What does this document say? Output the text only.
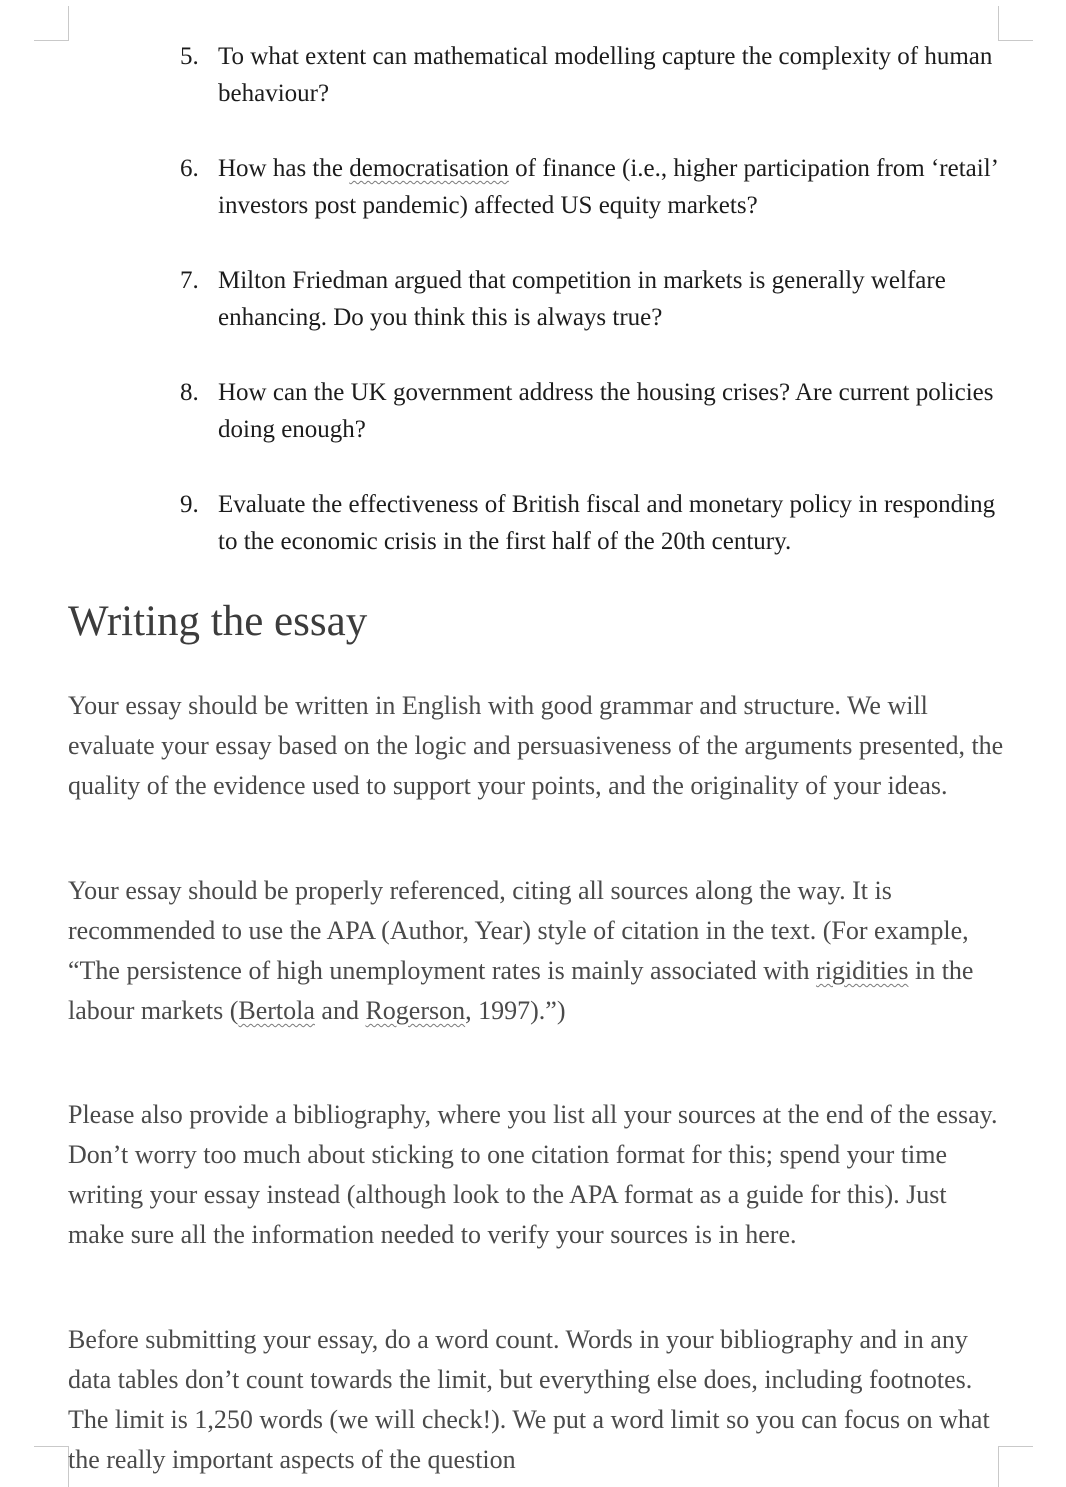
5. To what extent can mathematical modelling capture the complexity of human behaviour?
6. How has the democratisation of finance (i.e., higher participation from ‘retail’ investors post pandemic) affected US equity markets?
7. Milton Friedman argued that competition in markets is generally welfare enhancing. Do you think this is always true?
8. How can the UK government address the housing crises? Are current policies doing enough?
9. Evaluate the effectiveness of British fiscal and monetary policy in responding to the economic crisis in the first half of the 20th century.
Writing the essay

Your essay should be written in English with good grammar and structure. We will evaluate your essay based on the logic and persuasiveness of the arguments presented, the quality of the evidence used to support your points, and the originality of your ideas.

Your essay should be properly referenced, citing all sources along the way. It is recommended to use the APA (Author, Year) style of citation in the text. (For example, “The persistence of high unemployment rates is mainly associated with rigidities in the labour markets (Bertola and Rogerson, 1997).”)

Please also provide a bibliography, where you list all your sources at the end of the essay. Don’t worry too much about sticking to one citation format for this; spend your time writing your essay instead (although look to the APA format as a guide for this). Just make sure all the information needed to verify your sources is in here.

Before submitting your essay, do a word count. Words in your bibliography and in any data tables don’t count towards the limit, but everything else does, including footnotes. The limit is 1,250 words (we will check!). We put a word limit so you can focus on what the really important aspects of the question
